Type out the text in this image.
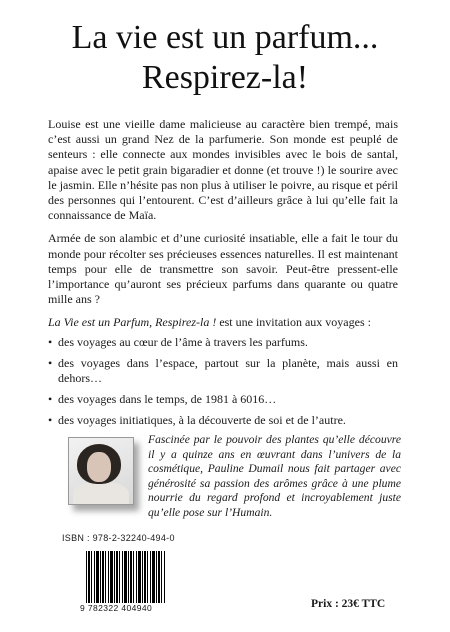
La vie est un parfum...
Respirez-la!

Louise est une vieille dame malicieuse au caractère bien trempé, mais c’est aussi un grand Nez de la parfumerie. Son monde est peuplé de senteurs : elle connecte aux mondes invisibles avec le bois de santal, apaise avec le petit grain bigaradier et donne (et trouve !) le sourire avec le jasmin. Elle n’hésite pas non plus à utiliser le poivre, au risque et péril des personnes qui l’entourent. C’est d’ailleurs grâce à lui qu’elle fait la connaissance de Maïa.

Armée de son alambic et d’une curiosité insatiable, elle a fait le tour du monde pour récolter ses précieuses essences naturelles. Il est maintenant temps pour elle de transmettre son savoir. Peut-être pressent-elle l’importance qu’auront ses précieux parfums dans quarante ou quatre mille ans ?

La Vie est un Parfum, Respirez-la ! est une invitation aux voyages :

• des voyages au cœur de l’âme à travers les parfums.
• des voyages dans l’espace, partout sur la planète, mais aussi en dehors…
• des voyages dans le temps, de 1981 à 6016…
• des voyages initiatiques, à la découverte de soi et de l’autre.
Fascinée par le pouvoir des plantes qu’elle découvre il y a quinze ans en œuvrant dans l’univers de la cosmétique, Pauline Dumail nous fait partager avec générosité sa passion des arômes grâce à une plume nourrie du regard profond et incroyablement juste qu’elle pose sur l’Humain.
ISBN : 978-2-32240-494-0
9 782322 404940	Prix : 23€ TTC
